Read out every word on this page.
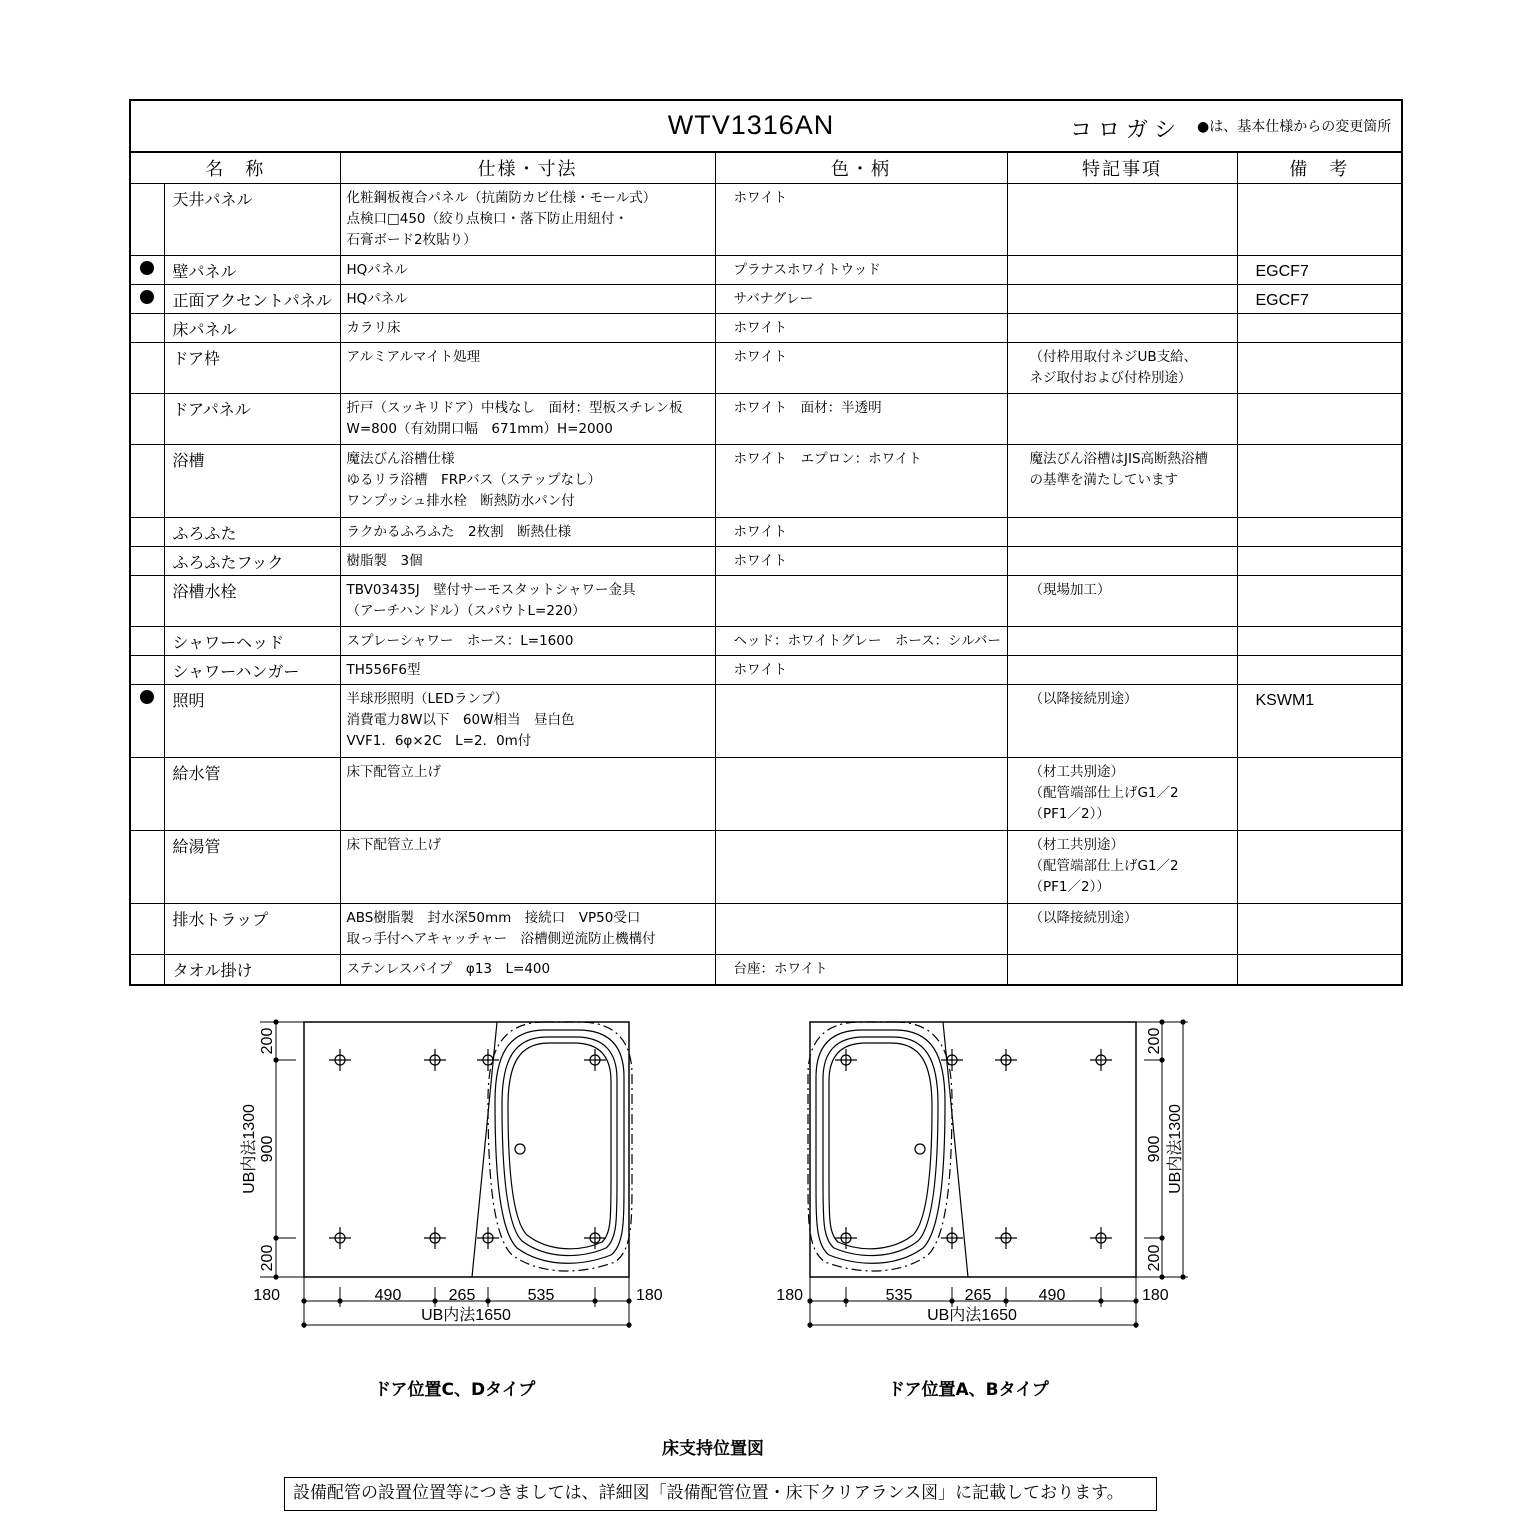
WTV1316AN	コロガシ ●は、基本仕様からの変更箇所
名　称		仕様・寸法	色・柄	特記事項	備　考
	天井パネル	化粧鋼板複合パネル（抗菌防カビ仕様・モール式）
点検口□450（絞り点検口・落下防止用紐付・
石膏ボード2枚貼り）	ホワイト		

	壁パネル	HQパネル	プラナスホワイトウッド		EGCF7
	正面アクセントパネル	HQパネル	サバナグレー		EGCF7
	床パネル	カラリ床	ホワイト		

	ドア枠	アルミアルマイト処理	ホワイト	（付枠用取付ネジUB支給、
ネジ取付および付枠別途）	

	ドアパネル	折戸（スッキリドア）中桟なし　面材：型板スチレン板
W=800（有効開口幅　671mm）H=2000	ホワイト　面材：半透明		

	浴槽	魔法びん浴槽仕様
ゆるリラ浴槽　FRPバス（ステップなし）
ワンプッシュ排水栓　断熱防水パン付	ホワイト　エプロン：ホワイト	魔法びん浴槽はJIS高断熱浴槽
の基準を満たしています	

	ふろふた	ラクかるふろふた　2枚割　断熱仕様	ホワイト		

	ふろふたフック	樹脂製　3個	ホワイト		

	浴槽水栓	TBV03435J　壁付サーモスタットシャワー金具
（アーチハンドル）（スパウトL=220）		（現場加工）	

	シャワーヘッド	スプレーシャワー　ホース：L=1600	ヘッド：ホワイトグレー　ホース：シルバー		

	シャワーハンガー	TH556F6型	ホワイト		

	照明	半球形照明（LEDランプ）
消費電力8W以下　60W相当　昼白色
VVF1．6φ×2C　L=2．0m付		（以降接続別途）	KSWM1
	給水管	床下配管立上げ		（材工共別途）
（配管端部仕上げG1／2
（PF1／2））	

	給湯管	床下配管立上げ		（材工共別途）
（配管端部仕上げG1／2
（PF1／2））	

	排水トラップ	ABS樹脂製　封水深50mm　接続口　VP50受口
取っ手付ヘアキャッチャー　浴槽側逆流防止機構付		（以降接続別途）	

	タオル掛け	ステンレスパイプ　φ13　L=400	台座：ホワイト		

180	490	265	535	180
UB内法1650
200
900
200
UB内法1300
180	535	265	490	180
UB内法1650
200
900
200
UB内法1300
ドア位置C、Dタイプ	ドア位置A、Bタイプ
床支持位置図
設備配管の設置位置等につきましては、詳細図「設備配管位置・床下クリアランス図」に記載しております。
